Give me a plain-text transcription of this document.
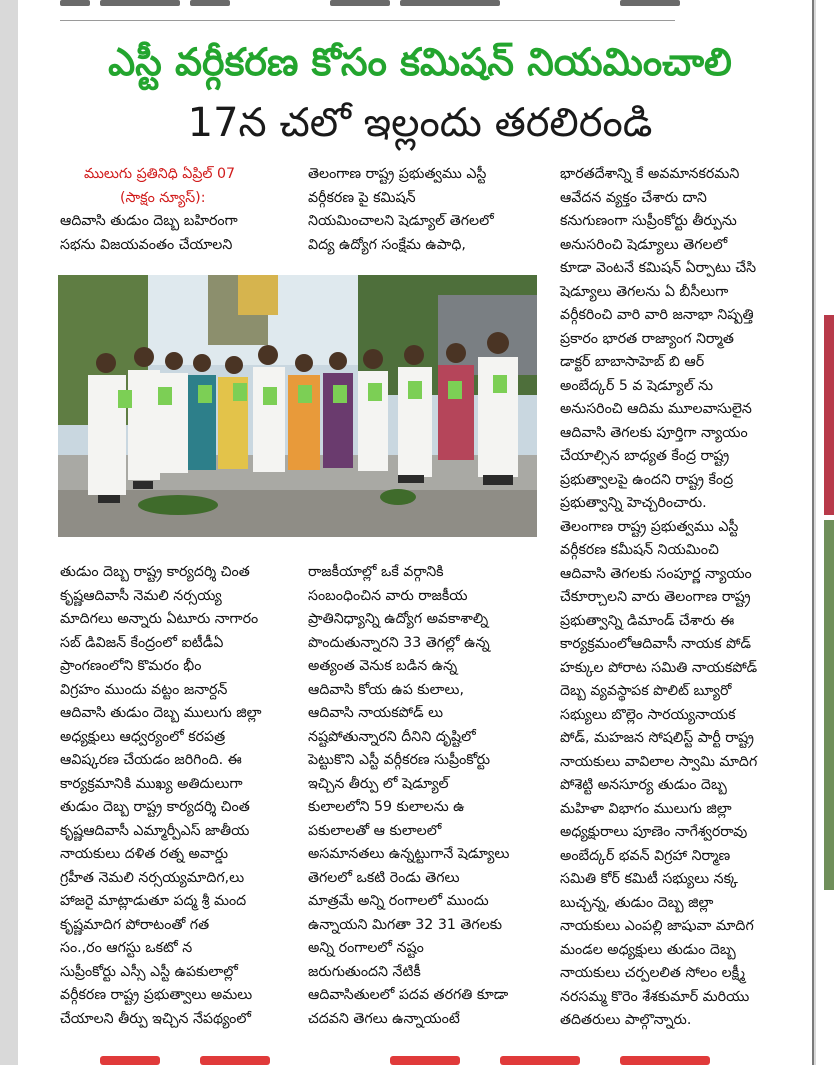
ఎస్టీ వర్గీకరణ కోసం కమిషన్ నియమించాలి
17న చలో ఇల్లందు తరలిరండి

ములుగు ప్రతినిధి ఏప్రిల్ 07

(సాక్షం న్యూస్):

ఆదివాసి తుడుం దెబ్బ బహిరంగా

సభను విజయవంతం చేయాలని

తెలంగాణ రాష్ట్ర ప్రభుత్వము ఎస్టీ

వర్గీకరణ పై కమిషన్

నియమించాలని షెడ్యూల్ తెగలలో

విద్య ఉద్యోగ సంక్షేమ ఉపాధి,

భారతదేశాన్ని కే అవమానకరమని

ఆవేదన వ్యక్తం చేశారు దాని

కనుగుణంగా సుప్రీంకోర్టు తీర్పును

అనుసరించి షెడ్యూలు తెగలలో

కూడా వెంటనే కమిషన్ ఏర్పాటు చేసి

షెడ్యూలు తెగలను ఏ బీసీలుగా

వర్గీకరించి వారి వారి జనాభా నిష్పత్తి

ప్రకారం భారత రాజ్యాంగ నిర్మాత

డాక్టర్ బాబాసాహెబ్ బి ఆర్

అంబేద్కర్ 5 వ షెడ్యూల్ ను

అనుసరించి ఆదిమ మూలవాసులైన

ఆదివాసి తెగలకు పూర్తిగా న్యాయం

చేయాల్సిన బాధ్యత కేంద్ర రాష్ట్ర

ప్రభుత్వాలపై ఉందని రాష్ట్ర కేంద్ర

ప్రభుత్వాన్ని హెచ్చరించారు.

తెలంగాణ రాష్ట్ర ప్రభుత్వము ఎస్టీ

వర్గీకరణ కమీషన్ నియమించి

ఆదివాసి తెగలకు సంపూర్ణ న్యాయం

చేకూర్చాలని వారు తెలంగాణ రాష్ట్ర

ప్రభుత్వాన్ని డిమాండ్ చేశారు ఈ

కార్యక్రమంలోఆదివాసీ నాయక పోడ్

హక్కుల పోరాట సమితి నాయకపోడ్

దెబ్బ వ్యవస్థాపక పొలిట్ బ్యూరో

సభ్యులు బొల్లెం సారయ్యనాయక

పోడ్, మహజన సోషలిస్ట్ పార్టీ రాష్ట్ర

నాయకులు వావిలాల స్వామి మాదిగ

పోశెట్టి అనసూర్య తుడుం దెబ్బ

మహిళా విభాగం ములుగు జిల్లా

అధ్యక్షురాలు పూణెం నాగేశ్వరరావు

అంబేద్కర్ భవన్ విగ్రహా నిర్మాణ

సమితి కోర్ కమిటీ సభ్యులు నక్క

బుచ్చన్న, తుడుం దెబ్బ జిల్లా

నాయకులు ఎంపల్లి జాషువా మాదిగ

మండల అధ్యక్షులు తుడుం దెబ్బ

నాయకులు చర్పలలిత సోలం లక్ష్మీ

నరసమ్మ కొరెం శేశకుమార్ మరియు

తదితరులు పాల్గొన్నారు.

తుడుం దెబ్బ రాష్ట్ర కార్యదర్శి చింత

కృష్ణఆదివాసీ నెమలి నర్సయ్య

మాదిగలు అన్నారు ఏటూరు నాగారం

సబ్ డివిజన్ కేంద్రంలో ఐటీడీఏ

ప్రాంగణంలోని కొమరం భీం

విగ్రహం ముందు వట్టం జనార్దన్

ఆదివాసి తుడుం దెబ్బ ములుగు జిల్లా

అధ్యక్షులు ఆధ్వర్యంలో కరపత్ర

ఆవిష్కరణ చేయడం జరిగింది. ఈ

కార్యక్రమానికి ముఖ్య అతిదులుగా

తుడుం దెబ్బ రాష్ట్ర కార్యదర్శి చింత

కృష్ణఆదివాసీ ఎమ్మార్పీఎస్ జాతీయ

నాయకులు దళిత రత్న అవార్డు

గ్రహీత నెమలి నర్సయ్యమాదిగ,లు

హాజరై మాట్లాడుతూ పద్మ శ్రీ మంద

కృష్ణమాదిగ పోరాటంతో గత

సం.,రం ఆగస్టు ఒకటో న

సుప్రీంకోర్టు ఎస్సీ ఎస్టీ ఉపకులాల్లో

వర్గీకరణ రాష్ట్ర ప్రభుత్వాలు అమలు

చేయాలని తీర్పు ఇచ్చిన నేపథ్యంలో

రాజకీయాల్లో ఒకే వర్గానికి

సంబంధించిన వారు రాజకీయ

ప్రాతినిధ్యాన్ని ఉద్యోగ అవకాశాల్ని

పొందుతున్నారని 33 తెగల్లో ఉన్న

అత్యంత వెనుక బడిన ఉన్న

ఆదివాసి కోయ ఉప కులాలు,

ఆదివాసి నాయకపోడ్ లు

నష్టపోతున్నారని దీనిని దృష్టిలో

పెట్టుకొని ఎస్టీ వర్గీకరణ సుప్రీంకోర్టు

ఇచ్చిన తీర్పు లో షెడ్యూల్

కులాలలోని 59 కులాలను ఉ

పకులాలతో ఆ కులాలలో

అసమానతలు ఉన్నట్టుగానే షెడ్యూలు

తెగలలో ఒకటి రెండు తెగలు

మాత్రమే అన్ని రంగాలలో ముందు

ఉన్నాయని మిగతా 32 31 తెగలకు

అన్ని రంగాలలో నష్టం

జరుగుతుందని నేటికీ

ఆదివాసితులలో పదవ తరగతి కూడా

చదవని తెగలు ఉన్నాయంటే
